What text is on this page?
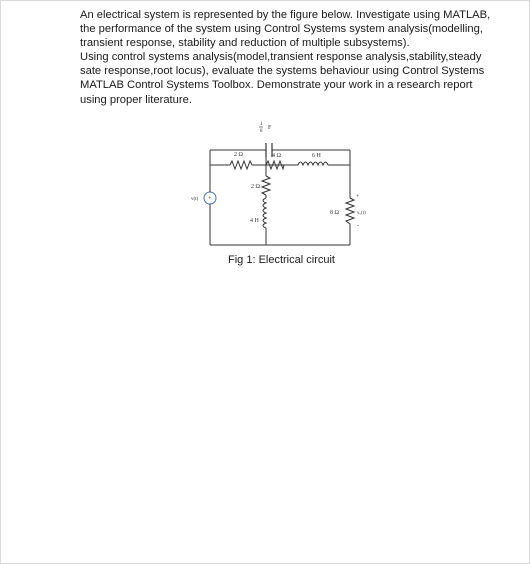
An electrical system is represented by the figure below. Investigate using MATLAB, the performance of the system using Control Systems system analysis(modelling, transient response, stability and reduction of multiple subsystems).

Using control systems analysis(model,transient response analysis,stability,steady sate response,root locus), evaluate the systems behaviour using Control Systems MATLAB Control Systems Toolbox. Demonstrate your work in a research report using proper literature.

1
8
F
2 Ω	4 Ω	6 H
2 Ω
4 H
8 Ω
v(t) +	+
vₒ(t)
-
Fig 1: Electrical circuit
